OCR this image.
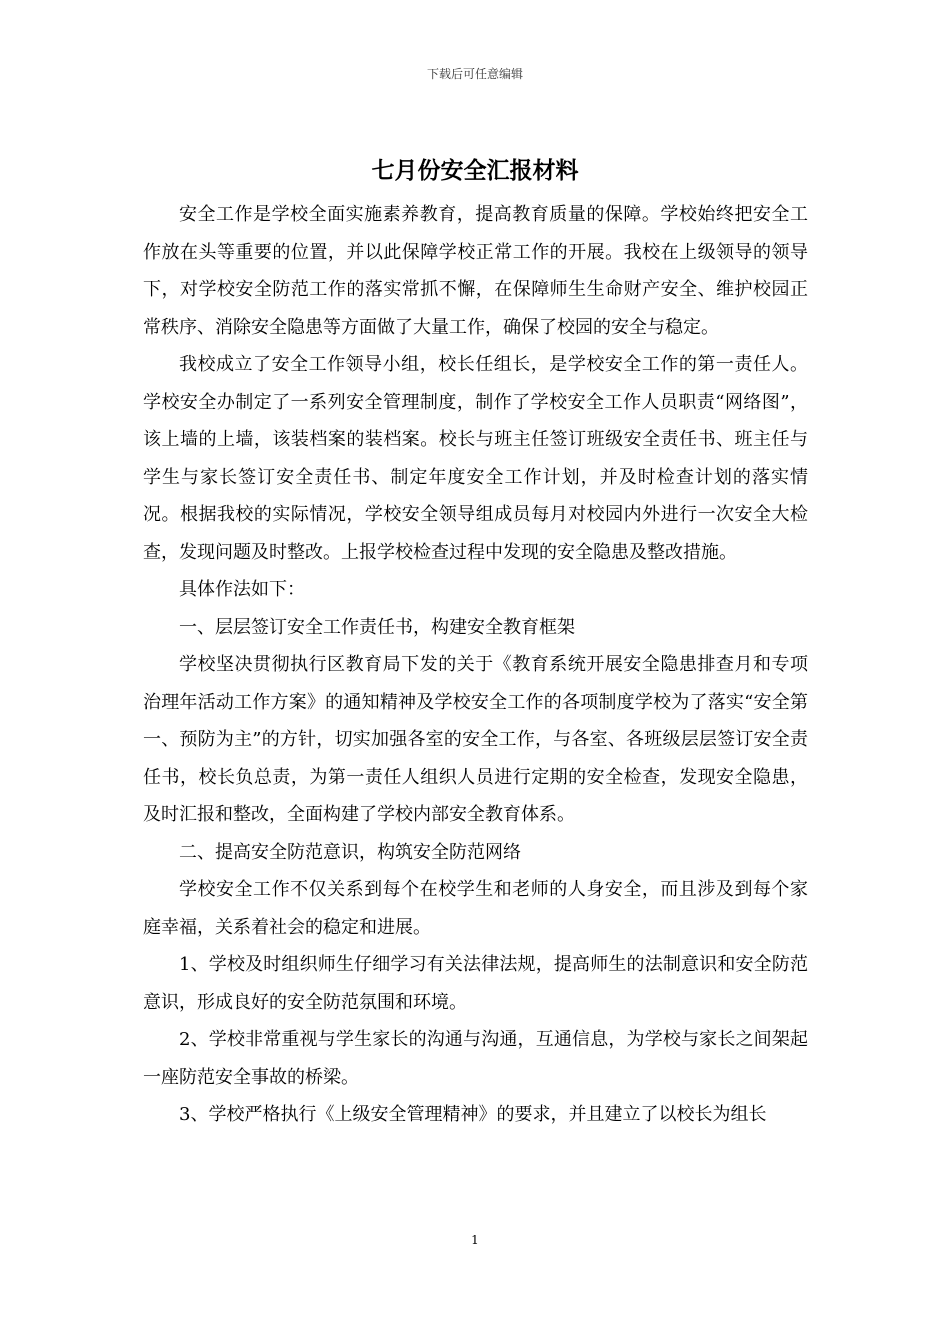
下载后可任意编辑
七月份安全汇报材料

安全工作是学校全面实施素养教育，提高教育质量的保障。学校始终把安全工作放在头等重要的位置，并以此保障学校正常工作的开展。我校在上级领导的领导下，对学校安全防范工作的落实常抓不懈，在保障师生生命财产安全、维护校园正常秩序、消除安全隐患等方面做了大量工作，确保了校园的安全与稳定。

我校成立了安全工作领导小组，校长任组长，是学校安全工作的第一责任人。学校安全办制定了一系列安全管理制度，制作了学校安全工作人员职责“网络图”，该上墙的上墙，该装档案的装档案。校长与班主任签订班级安全责任书、班主任与学生与家长签订安全责任书、制定年度安全工作计划，并及时检查计划的落实情况。根据我校的实际情况，学校安全领导组成员每月对校园内外进行一次安全大检查，发现问题及时整改。上报学校检查过程中发现的安全隐患及整改措施。

具体作法如下：

一、层层签订安全工作责任书，构建安全教育框架

学校坚决贯彻执行区教育局下发的关于《教育系统开展安全隐患排查月和专项治理年活动工作方案》的通知精神及学校安全工作的各项制度学校为了落实“安全第一、预防为主”的方针，切实加强各室的安全工作，与各室、各班级层层签订安全责任书，校长负总责，为第一责任人组织人员进行定期的安全检查，发现安全隐患，及时汇报和整改，全面构建了学校内部安全教育体系。

二、提高安全防范意识，构筑安全防范网络

学校安全工作不仅关系到每个在校学生和老师的人身安全，而且涉及到每个家庭幸福，关系着社会的稳定和进展。

1、学校及时组织师生仔细学习有关法律法规，提高师生的法制意识和安全防范意识，形成良好的安全防范氛围和环境。

2、学校非常重视与学生家长的沟通与沟通，互通信息，为学校与家长之间架起一座防范安全事故的桥梁。

3、学校严格执行《上级安全管理精神》的要求，并且建立了以校长为组长

1
